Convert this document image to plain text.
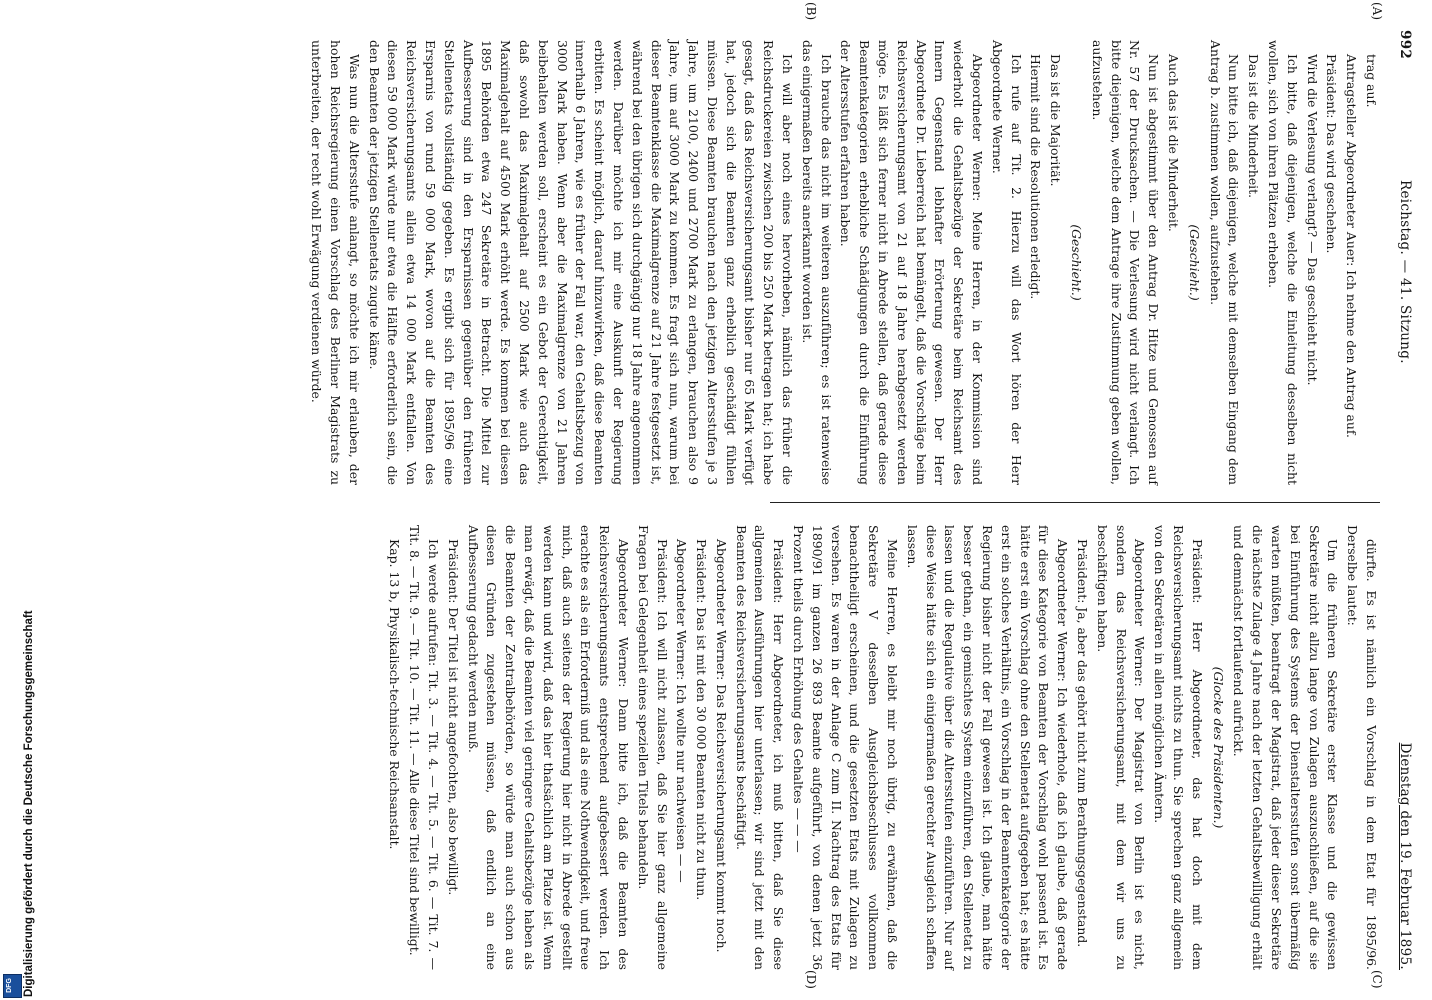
992
Reichstag. — 41. Sitzung.
Dienstag den 19. Februar 1895.
(A)
(B)
(C)
(D)

trag auf.

Antragsteller Abgeordneter Auer: Ich nehme den Antrag auf.

Präsident: Das wird geschehen.

Wird die Verlesung verlangt? — Das geschieht nicht.

Ich bitte, daß diejenigen, welche die Einleitung desselben nicht wollen, sich von ihren Plätzen erheben.

Das ist die Minderheit.

Nun bitte ich, daß diejenigen, welche mit demselben Eingang dem Antrag b. zustimmen wollen, aufzustehen.

(Geschieht.)

Auch das ist die Minderheit.

Nun ist abgestimmt über den Antrag Dr. Hitze und Genossen auf Nr. 57 der Drucksachen. — Die Verlesung wird nicht verlangt. Ich bitte diejenigen, welche dem Antrage ihre Zustimmung geben wollen, aufzustehen.

(Geschieht.)

Das ist die Majorität.

Hiermit sind die Resolutionen erledigt.

Ich rufe auf Tit. 2. Hierzu will das Wort hören der Herr Abgeordnete Werner.

Abgeordneter Werner: Meine Herren, in der Kommission sind wiederholt die Gehaltsbezüge der Sekretäre beim Reichsamt des Innern Gegenstand lebhafter Erörterung gewesen. Der Herr Abgeordnete Dr. Lieberreich hat bemängelt, daß die Vorschläge beim Reichsversicherungsamt von 21 auf 18 Jahre herabgesetzt werden möge. Es läßt sich ferner nicht in Abrede stellen, daß gerade diese Beamtenkategorien erhebliche Schädigungen durch die Einführung der Altersstufen erfahren haben.

Ich brauche das nicht im weiteren auszuführen; es ist ratenweise das einigermaßen bereits anerkannt worden ist.

Ich will aber noch eines hervorheben, nämlich das früher die Reichsdruckereien zwischen 200 bis 250 Mark betragen hat; ich habe gesagt, daß das Reichsversicherungsamt bisher nur 65 Mark verfügt hat, jedoch sich die Beamten ganz erheblich geschädigt fühlen müssen. Diese Beamten brauchen nach den jetzigen Altersstufen je 3 Jahre, um 2100, 2400 und 2700 Mark zu erlangen, brauchen also 9 Jahre, um auf 3000 Mark zu kommen. Es fragt sich nun, warum bei dieser Beamtenklasse die Maximalgrenze auf 21 Jahre festgesetzt ist, während bei den übrigen sich durchgängig nur 18 Jahre angenommen werden. Darüber möchte ich mir eine Auskunft der Regierung erbitten. Es scheint möglich, darauf hinzuwirken, daß diese Beamten innerhalb 6 Jahren, wie es früher der Fall war, den Gehaltsbezug von 3000 Mark haben. Wenn aber die Maximalgrenze von 21 Jahren beibehalten werden soll, erscheint es ein Gebot der Gerechtigkeit, daß sowohl das Maximalgehalt auf 2500 Mark wie auch das Maximalgehalt auf 4500 Mark erhöht werde. Es kommen bei diesen 1895 Behörden etwa 247 Sekretäre in Betracht. Die Mittel zur Aufbesserung sind in den Ersparnissen gegenüber den früheren Stellenetats vollständig gegeben. Es ergibt sich für 1895/96 eine Ersparnis von rund 59 000 Mark, wovon auf die Beamten des Reichsversicherungsamts allein etwa 14 000 Mark entfallen. Von diesen 59 000 Mark würde nur etwa die Hälfte erforderlich sein, die den Beamten der jetzigen Stellenetats zugute käme.

Was nun die Altersstufe anlangt, so möchte ich mir erlauben, der hohen Reichsregierung einen Vorschlag des Berliner Magistrats zu unterbreiten, der recht wohl Erwägung verdienen würde.

dürfte. Es ist nämlich ein Vorschlag in dem Etat für 1895/96. Derselbe lautet:

Um die früheren Sekretäre erster Klasse und die gewissen Sekretäre nicht allzu lange von Zulagen auszuschließen, auf die sie bei Einführung des Systems der Dienstaltersstufen sonst übermäßig warten müßten, beantragt der Magistrat, daß jeder dieser Sekretäre die nächste Zulage 4 Jahre nach der letzten Gehaltsbewilligung erhält und demnächst fortlaufend aufrückt.

(Glocke des Präsidenten.)

Präsident: Herr Abgeordneter, das hat doch mit dem Reichsversicherungsamt nichts zu thun. Sie sprechen ganz allgemein von den Sekretären in allen möglichen Ämtern.

Abgeordneter Werner: Der Magistrat von Berlin ist es nicht, sondern das Reichsversicherungsamt, mit dem wir uns zu beschäftigen haben.

Präsident: Ja, aber das gehört nicht zum Berathungsgegenstand.

Abgeordneter Werner: Ich wiederhole, daß ich glaube, daß gerade für diese Kategorie von Beamten der Vorschlag wohl passend ist. Es hätte erst ein Vorschlag ohne den Stellenetat aufgegeben hat; es hätte erst ein solches Verhältnis, ein Vorschlag in der Beamtenkategorie der Regierung bisher nicht der Fall gewesen ist. Ich glaube, man hätte besser gethan, ein gemischtes System einzuführen, den Stellenetat zu lassen und die Regulative über die Altersstufen einzuführen. Nur auf diese Weise hätte sich ein einigermaßen gerechter Ausgleich schaffen lassen.

Meine Herren, es bleibt mir noch übrig, zu erwähnen, daß die Sekretäre V desselben Ausgleichsbeschlusses vollkommen benachtheiligt erscheinen, und die gesetzten Etats mit Zulagen zu versehen. Es waren in der Anlage C zum II. Nachtrag des Etats für 1890/91 im ganzen 26 893 Beamte aufgeführt, von denen jetzt 36 Prozent theils durch Erhöhung des Gehaltes — — —

Präsident: Herr Abgeordneter, ich muß bitten, daß Sie diese allgemeinen Ausführungen hier unterlassen; wir sind jetzt mit den Beamten des Reichsversicherungsamts beschäftigt.

Abgeordneter Werner: Das Reichsversicherungsamt kommt noch.

Präsident: Das ist mit den 30 000 Beamten nicht zu thun.

Abgeordneter Werner: Ich wollte nur nachweisen — —

Präsident: Ich will nicht zulassen, daß Sie hier ganz allgemeine Fragen bei Gelegenheit eines speziellen Titels behandeln.

Abgeordneter Werner: Dann bitte ich, daß die Beamten des Reichsversicherungsamts entsprechend aufgebessert werden. Ich erachte es als ein Erforderniß und als eine Nothwendigkeit, und freue mich, daß auch seitens der Regierung hier nicht in Abrede gestellt werden kann und wird, daß das hier thatsächlich am Platze ist. Wenn man erwägt, daß die Beamten viel geringere Gehaltsbezüge haben als die Beamten der Zentralbehörden, so würde man auch schon aus diesen Gründen zugestehen müssen, daß endlich an eine Aufbesserung gedacht werden muß.

Präsident: Der Titel ist nicht angefochten, also bewilligt.

Ich werde aufrufen: Tit. 3. — Tit. 4. — Tit. 5. — Tit. 6. — Tit. 7. — Tit. 8. — Tit. 9. — Tit. 10. — Tit. 11. — Alle diese Titel sind bewilligt.

Kap. 13 b, Physikalisch-technische Reichsanstalt.

Digitalisierung gefördert durch die Deutsche Forschungsgemeinschaft
DFG
